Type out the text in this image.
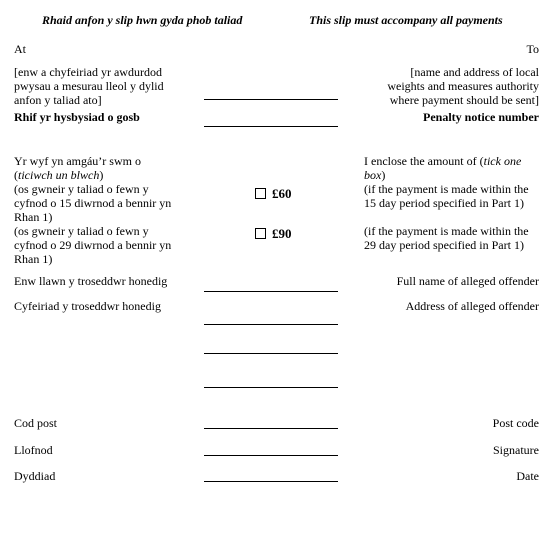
Rhaid anfon y slip hwn gyda phob taliad	This slip must accompany all payments
At	To
[enw a chyfeiriad yr awdurdod
pwysau a mesurau lleol y dylid
anfon y taliad ato]
[name and address of local
weights and measures authority
where payment should be sent]
Rhif yr hysbysiad o gosb	Penalty notice number
Yr wyf yn amgáu’r swm o
(ticiwch un blwch)
(os gwneir y taliad o fewn y
cyfnod o 15 diwrnod a bennir yn
Rhan 1)
(os gwneir y taliad o fewn y
cyfnod o 29 diwrnod a bennir yn
Rhan 1)
I enclose the amount of (tick one
box)
(if the payment is made within the
15 day period specified in Part 1)
(if the payment is made within the
29 day period specified in Part 1)
£60
£90
Enw llawn y troseddwr honedig	Full name of alleged offender
Cyfeiriad y troseddwr honedig	Address of alleged offender
Cod post	Post code
Llofnod	Signature
Dyddiad	Date
